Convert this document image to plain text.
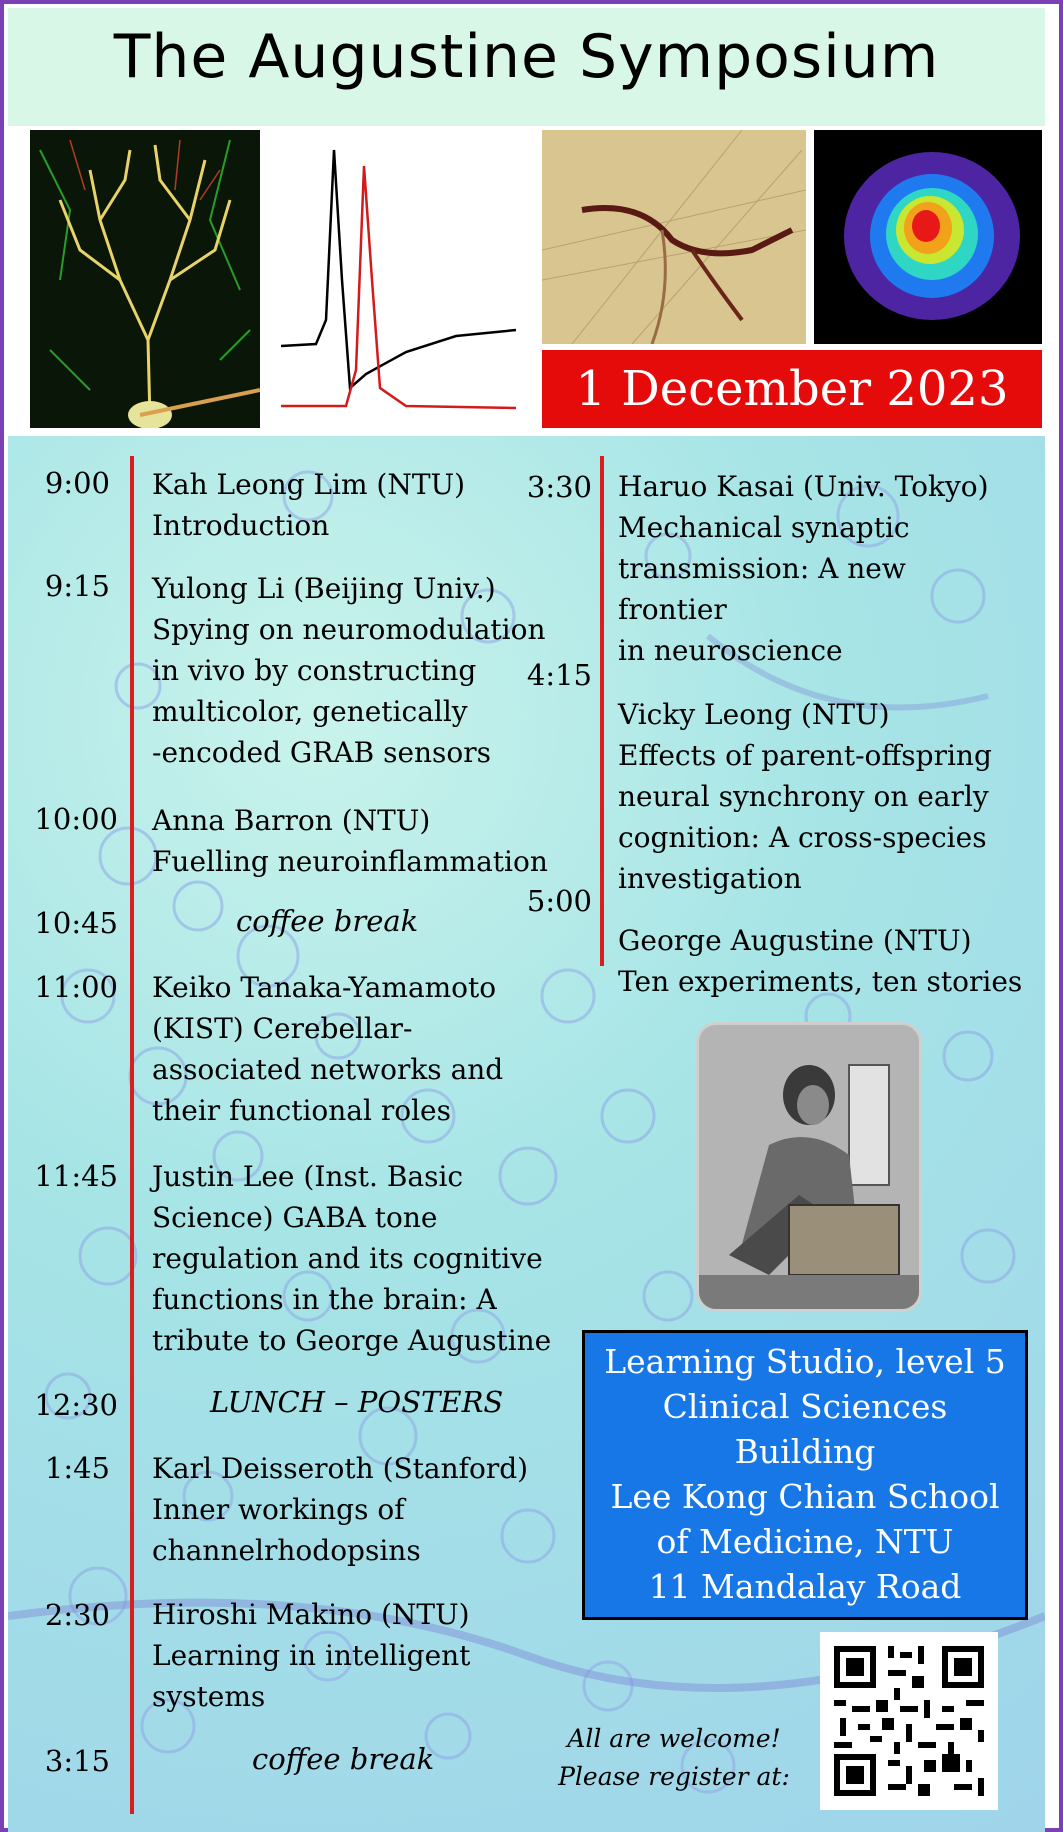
The Augustine Symposium
1 December 2023
9:00 Kah Leong Lim (NTU)
Introduction
9:15 Yulong Li (Beijing Univ.)
Spying on neuromodulation
in vivo by constructing
multicolor, genetically
-encoded GRAB sensors
10:00 Anna Barron (NTU)
Fuelling neuroinflammation
10:45	coffee break
11:00 Keiko Tanaka-Yamamoto
(KIST) Cerebellar-
associated networks and
their functional roles
11:45 Justin Lee (Inst. Basic
Science) GABA tone
regulation and its cognitive
functions in the brain: A
tribute to George Augustine
12:30	LUNCH – POSTERS
1:45 Karl Deisseroth (Stanford)
Inner workings of
channelrhodopsins
2:30 Hiroshi Makino (NTU)
Learning in intelligent
systems
3:15	coffee break
3:30 Haruo Kasai (Univ. Tokyo)
Mechanical synaptic
transmission: A new
frontier
in neuroscience
4:15
Vicky Leong (NTU)
Effects of parent-offspring
neural synchrony on early
cognition: A cross-species
investigation
5:00
George Augustine (NTU)
Ten experiments, ten stories
Learning Studio, level 5
Clinical Sciences
Building
Lee Kong Chian School
of Medicine, NTU
11 Mandalay Road
All are welcome!
Please register at:
